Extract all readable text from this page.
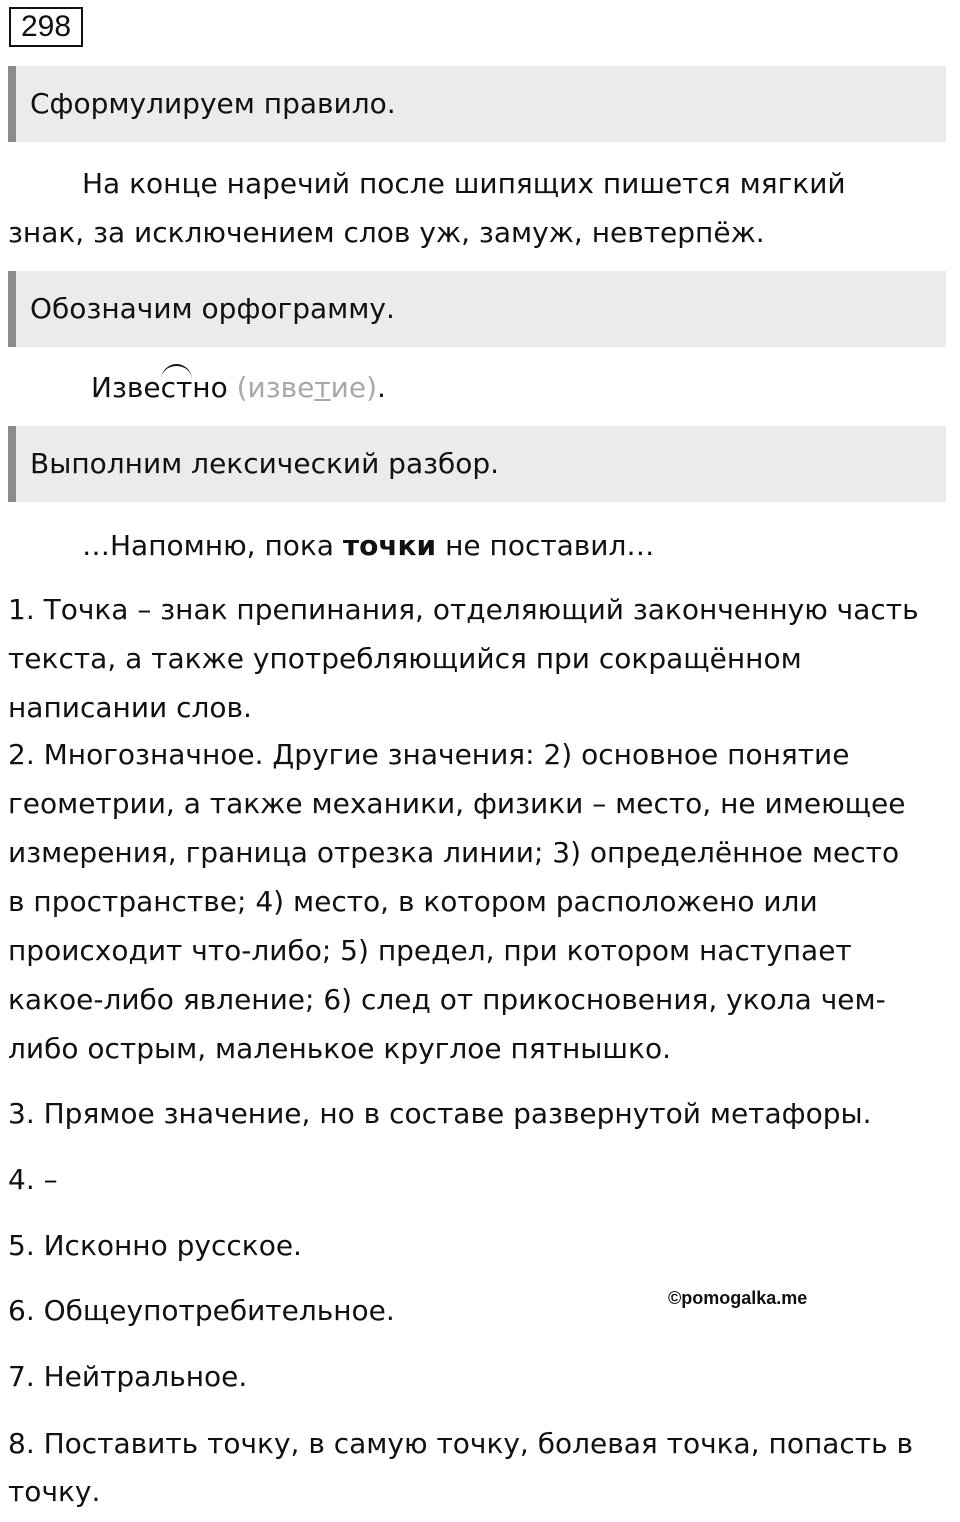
298
Сформулируем правило.
На конце наречий после шипящих пишется мягкий
знак, за исключением слов уж, замуж, невтерпёж.
Обозначим орфограмму.
Изве
стно (изветие).
Выполним лексический разбор.
…Напомню, пока точки не поставил…
1. Точка – знак препинания, отделяющий законченную часть
текста, а также употребляющийся при сокращённом
написании слов.
2. Многозначное. Другие значения: 2) основное понятие
геометрии, а также механики, физики – место, не имеющее
измерения, граница отрезка линии; 3) определённое место
в пространстве; 4) место, в котором расположено или
происходит что-либо; 5) предел, при котором наступает
какое-либо явление; 6) след от прикосновения, укола чем-
либо острым, маленькое круглое пятнышко.
3. Прямое значение, но в составе развернутой метафоры.
4. –
5. Исконно русское.
6. Общеупотребительное.
7. Нейтральное.
8. Поставить точку, в самую точку, болевая точка, попасть в
точку.
©pomogalka.me
